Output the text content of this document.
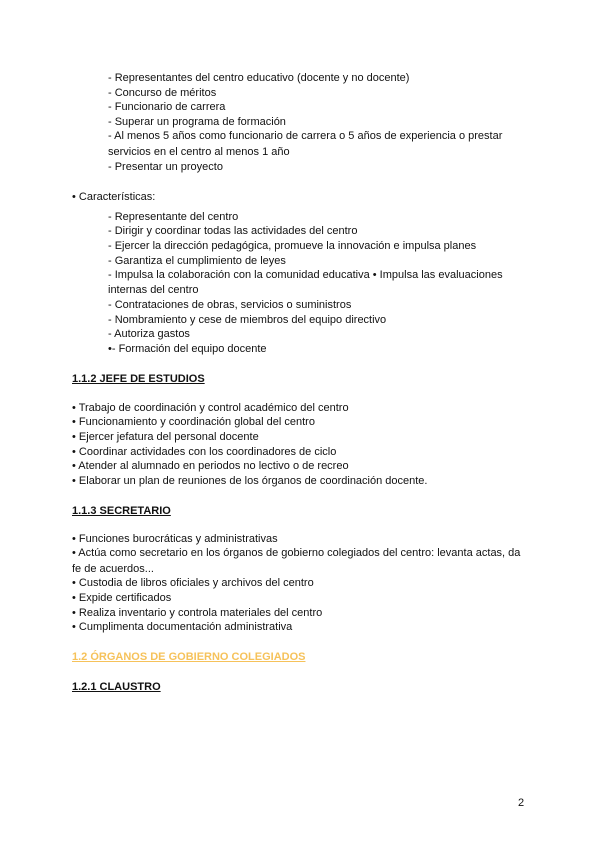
- Representantes del centro educativo (docente y no docente)
- Concurso de méritos
- Funcionario de carrera
- Superar un programa de formación
- Al menos 5 años como funcionario de carrera o 5 años de experiencia o prestar
servicios en el centro al menos 1 año
- Presentar un proyecto
• Características:
- Representante del centro
- Dirigir y coordinar todas las actividades del centro
- Ejercer la dirección pedagógica, promueve la innovación e impulsa planes
- Garantiza el cumplimiento de leyes
- Impulsa la colaboración con la comunidad educativa • Impulsa las evaluaciones
internas del centro
- Contrataciones de obras, servicios o suministros
- Nombramiento y cese de miembros del equipo directivo
- Autoriza gastos
•- Formación del equipo docente
1.1.2 JEFE DE ESTUDIOS
• Trabajo de coordinación y control académico del centro
• Funcionamiento y coordinación global del centro
• Ejercer jefatura del personal docente
• Coordinar actividades con los coordinadores de ciclo
• Atender al alumnado en periodos no lectivo o de recreo
• Elaborar un plan de reuniones de los órganos de coordinación docente.
1.1.3 SECRETARIO
• Funciones burocráticas y administrativas
• Actúa como secretario en los órganos de gobierno colegiados del centro: levanta actas, da
fe de acuerdos...
• Custodia de libros oficiales y archivos del centro
• Expide certificados
• Realiza inventario y controla materiales del centro
• Cumplimenta documentación administrativa
1.2 ÓRGANOS DE GOBIERNO COLEGIADOS
1.2.1 CLAUSTRO
2
